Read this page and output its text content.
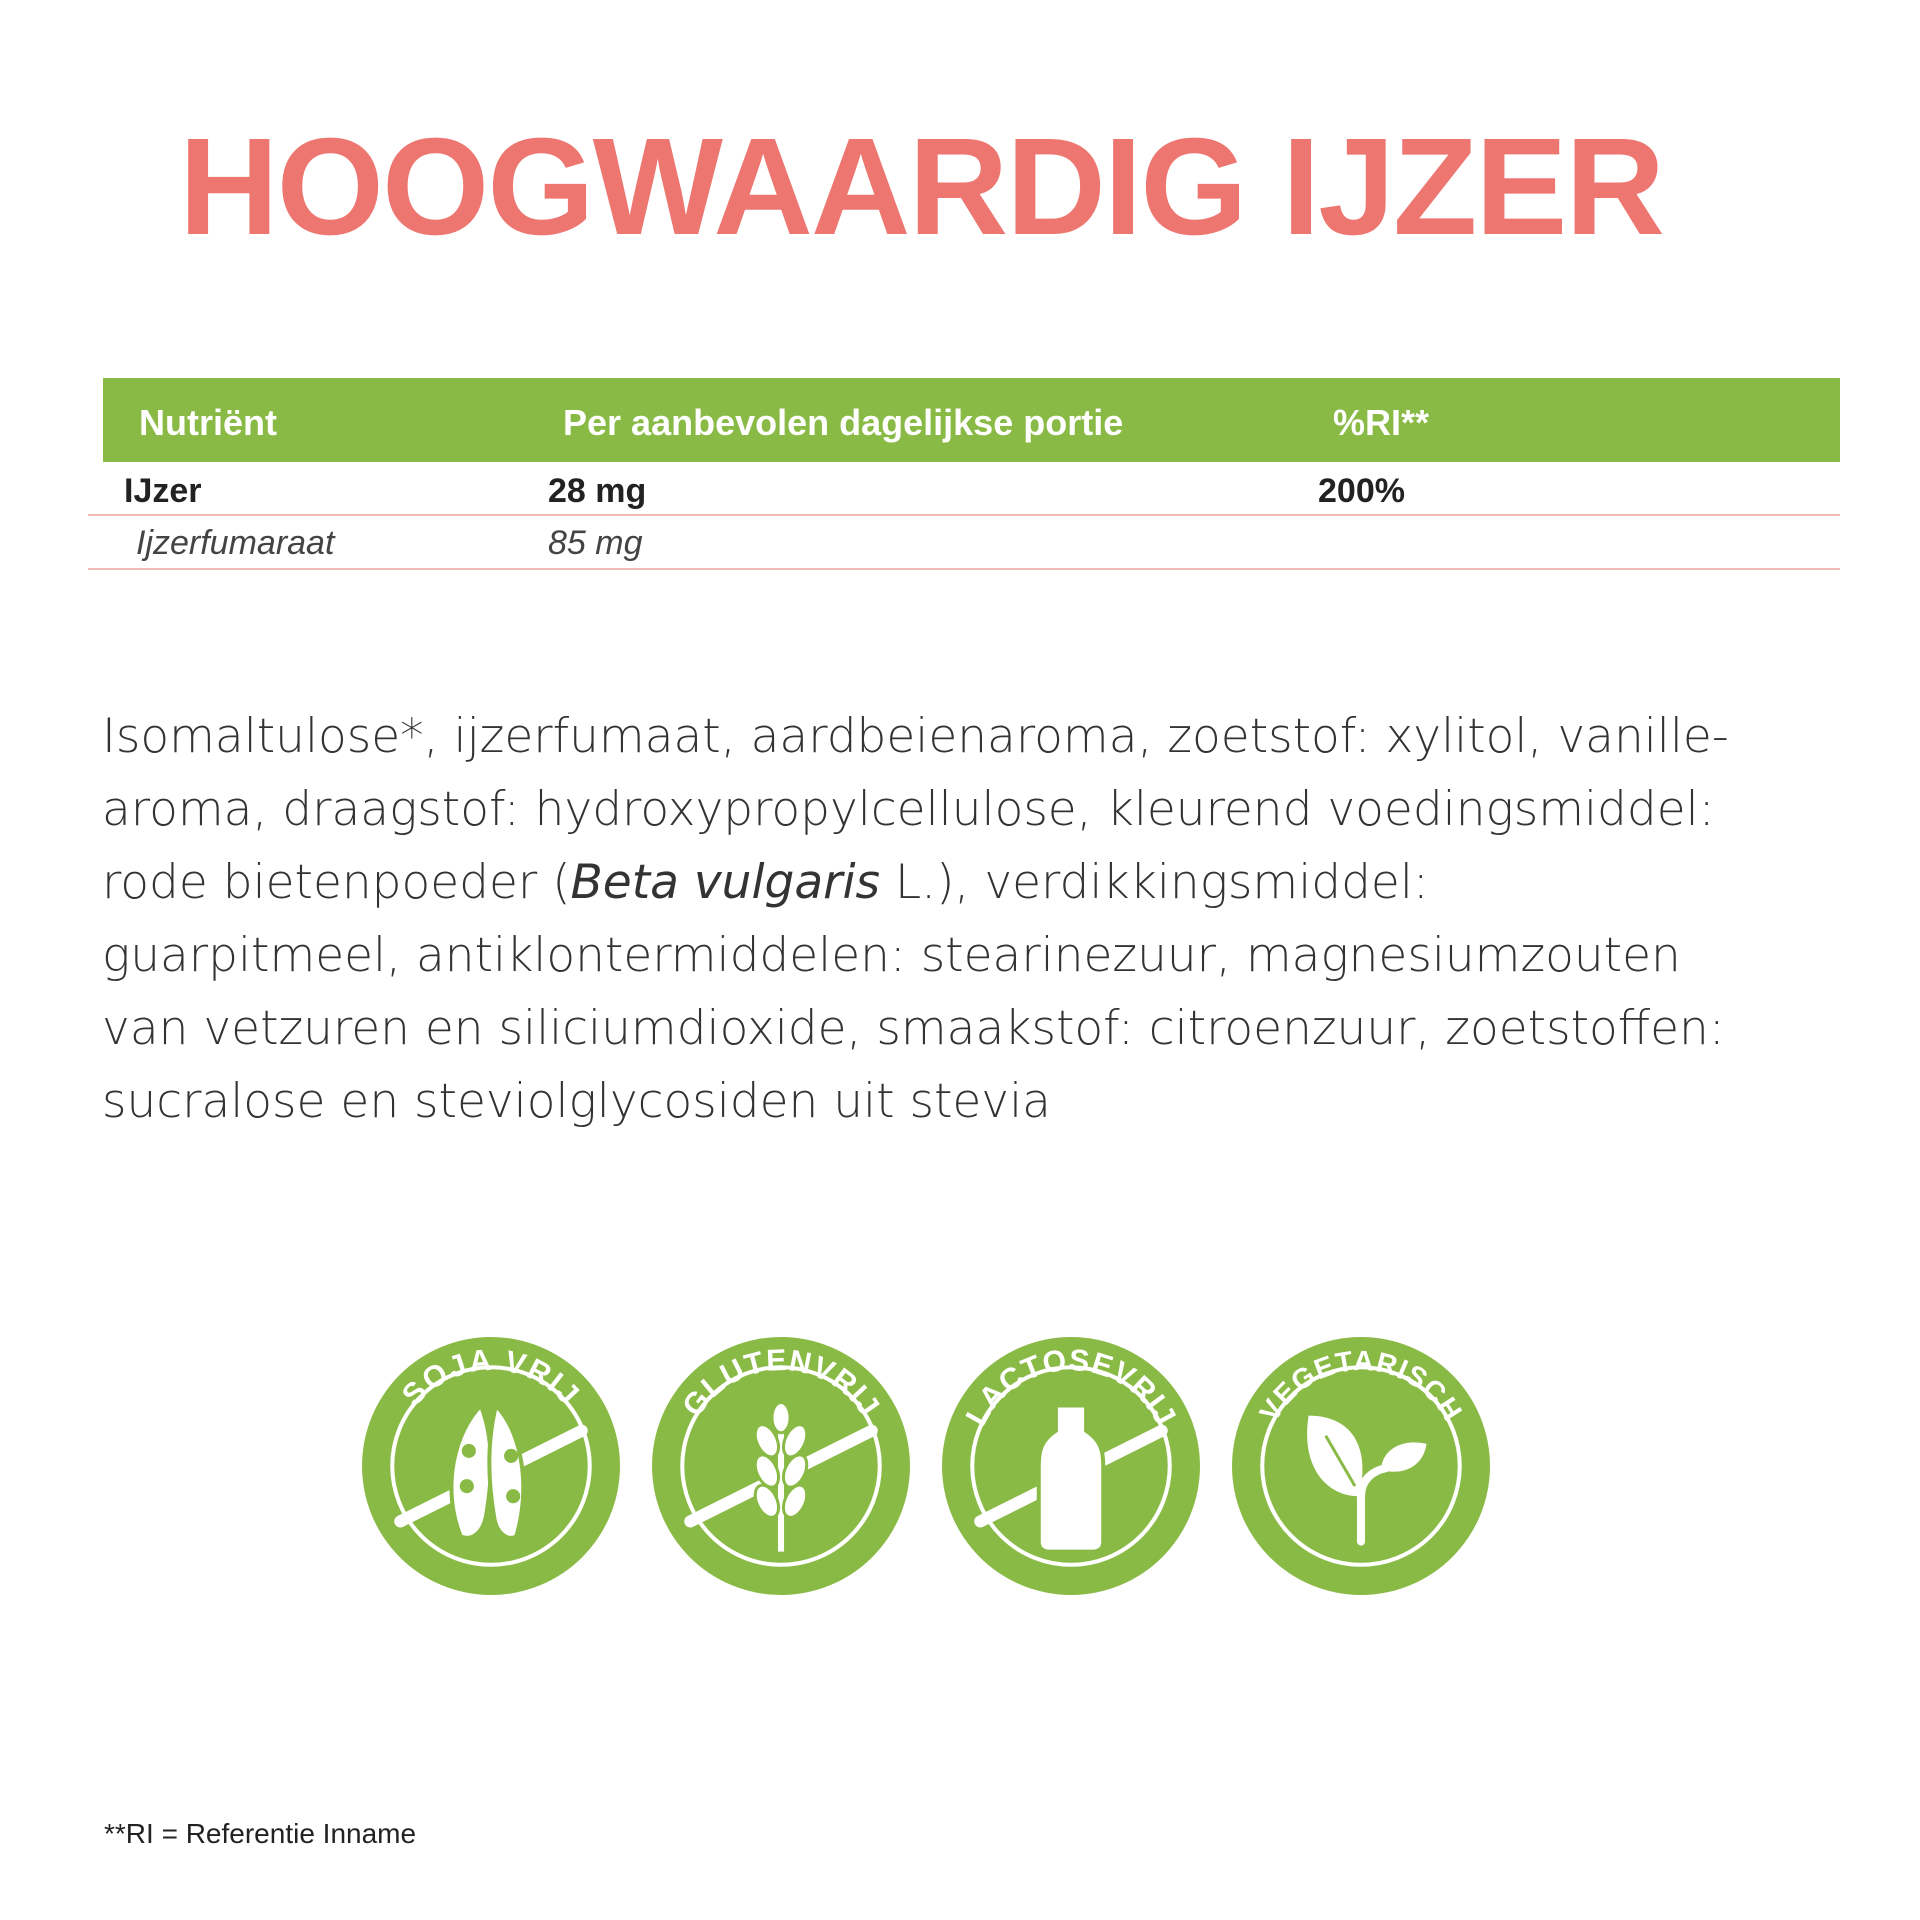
HOOGWAARDIG IJZER
Nutriënt	Per aanbevolen dagelijkse portie	%RI**
IJzer	28 mg	200%
Ijzerfumaraat	85 mg

Isomaltulose*, ijzerfumaat, aardbeienaroma, zoetstof: xylitol, vanille-aroma, draagstof: hydroxypropylcellulose, kleurend voedingsmiddel: rode bietenpoeder (Beta vulgaris L.), verdikkingsmiddel: guarpitmeel, antiklontermiddelen: stearinezuur, magnesiumzouten van vetzuren en siliciumdioxide, smaakstof: citroenzuur, zoetstoffen: sucralose en steviolglycosiden uit stevia

SOJA VRIJ	GLUTENVRIJ LACTOSEVRIJ	VEGETARISCH

**RI = Referentie Inname
